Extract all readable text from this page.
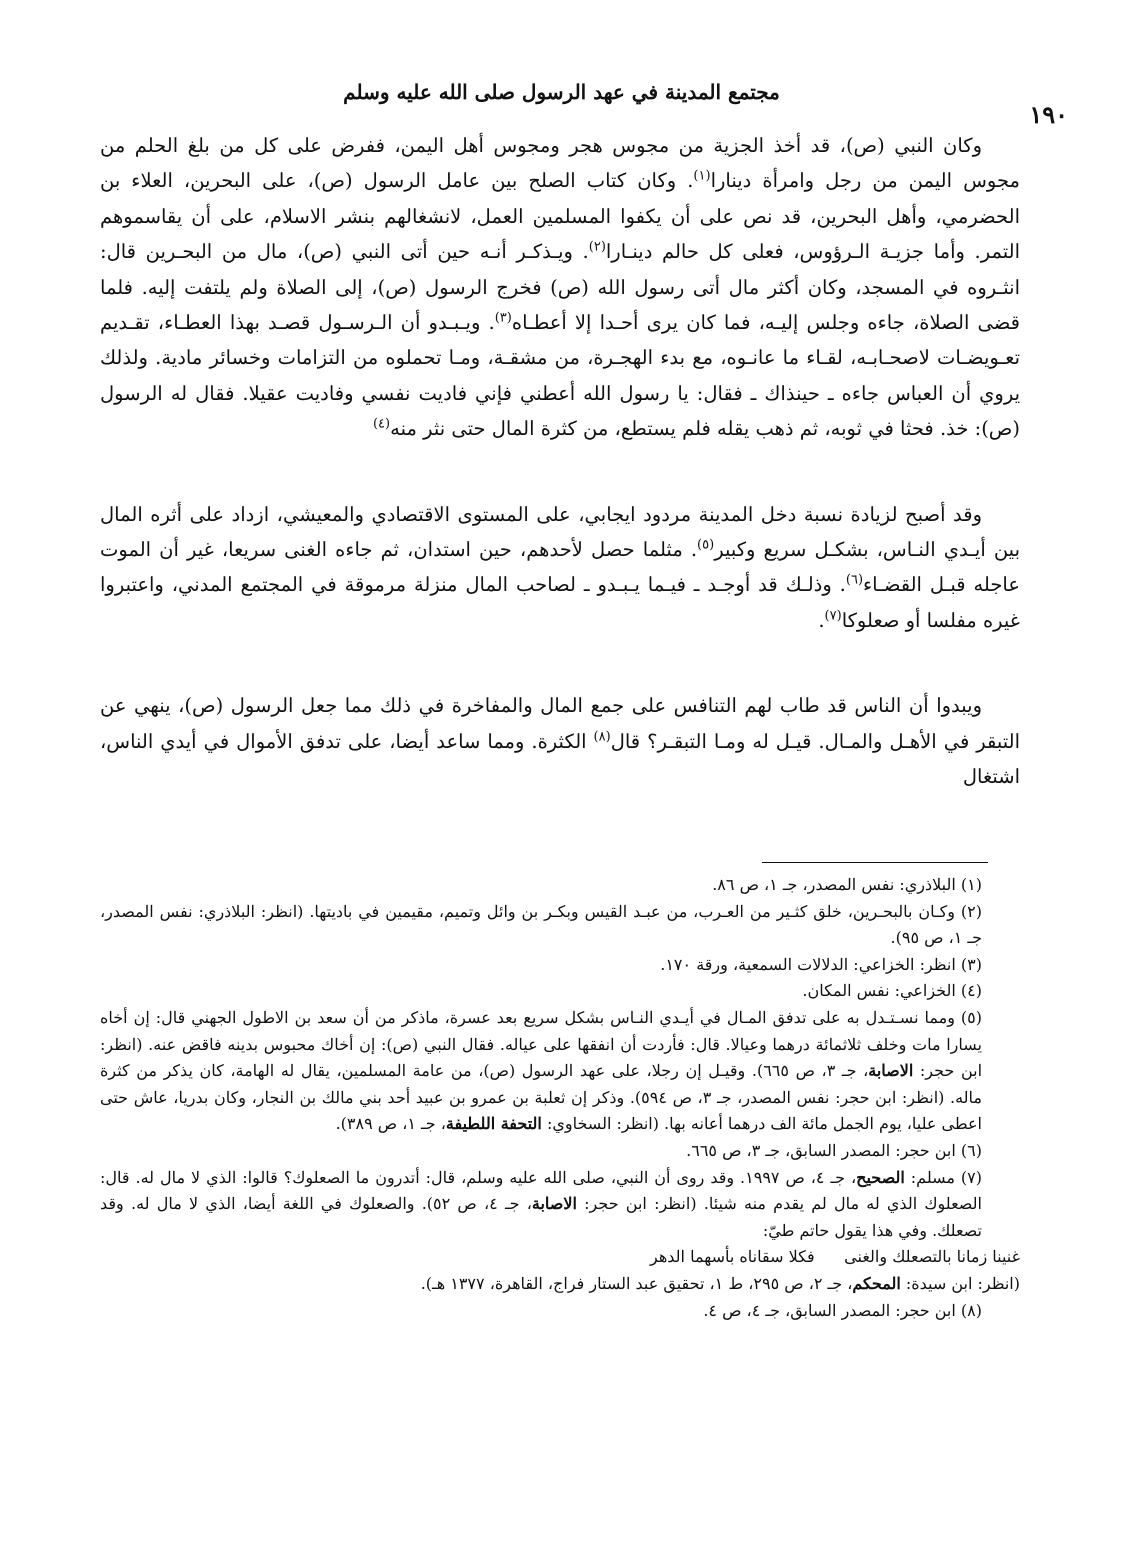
مجتمع المدينة في عهد الرسول صلى الله عليه وسلم
١٩٠

وكان النبي (ص)، قد أخذ الجزية من مجوس هجر ومجوس أهل اليمن، ففرض على كل من بلغ الحلم من مجوس اليمن من رجل وامرأة دينارا$^{(١)}$. وكان كتاب الصلح بين عامل الرسول (ص)، على البحرين، العلاء بن الحضرمي، وأهل البحرين، قد نص على أن يكفوا المسلمين العمل، لانشغالهم بنشر الاسلام، على أن يقاسموهم التمر. وأما جزيـة الـرؤوس، فعلى كل حالم دينـارا$^{(٢)}$. ويـذكـر أنـه حين أتى النبي (ص)، مال من البحـرين قال: انثـروه في المسجد، وكان أكثر مال أتى رسول الله (ص) فخرج الرسول (ص)، إلى الصلاة ولم يلتفت إليه. فلما قضى الصلاة، جاءه وجلس إليـه، فما كان يرى أحـدا إلا أعطـاه$^{(٣)}$. ويـبـدو أن الـرسـول قصـد بهذا العطـاء، تقـديم تعـويضـات لاصحـابـه، لقـاء ما عانـوه، مع بدء الهجـرة، من مشقـة، ومـا تحملوه من التزامات وخسائر مادية. ولذلك يروي أن العباس جاءه ـ حينذاك ـ فقال: يا رسول الله أعطني فإني فاديت نفسي وفاديت عقيلا. فقال له الرسول (ص): خذ. فحثا في ثوبه، ثم ذهب يقله فلم يستطع، من كثرة المال حتى نثر منه$^{(٤)}$

وقد أصبح لزيادة نسبة دخل المدينة مردود ايجابي، على المستوى الاقتصادي والمعيشي، ازداد على أثره المال بين أيـدي النـاس، بشكـل سريع وكبير$^{(٥)}$. مثلما حصل لأحدهم، حين استدان، ثم جاءه الغنى سريعا، غير أن الموت عاجله قبـل القضـاء$^{(٦)}$. وذلـك قد أوجـد ـ فيـما يـبـدو ـ لصاحب المال منزلة مرموقة في المجتمع المدني، واعتبروا غيره مفلسا أو صعلوكا$^{(٧)}$.

ويبدوا أن الناس قد طاب لهم التنافس على جمع المال والمفاخرة في ذلك مما جعل الرسول (ص)، ينهي عن التبقر في الأهـل والمـال. قيـل له ومـا التبقـر؟ قال$^{(٨)}$ الكثرة. ومما ساعد أيضا، على تدفق الأموال في أيدي الناس، اشتغال

(١) البلاذري: نفس المصدر، جـ ١، ص ٨٦.

(٢) وكـان بالبحـرين، خلق كثـير من العـرب، من عبـد القيس وبكـر بن وائل وتميم، مقيمين في باديتها. (انظر: البلاذري: نفس المصدر، جـ ١، ص ٩٥).

(٣) انظر: الخزاعي: الدلالات السمعية، ورقة ١٧٠.

(٤) الخزاعي: نفس المكان.

(٥) ومما نسـتـدل به على تدفق المـال في أيـدي النـاس بشكل سريع بعد عسرة، ماذكر من أن سعد بن الاطول الجهني قال: إن أخاه يسارا مات وخلف ثلاثمائة درهما وعيالا. قال: فأردت أن انفقها على عياله. فقال النبي (ص): إن أخاك محبوس بدينه فاقض عنه. (انظر: ابن حجر: الاصابة، جـ ٣، ص ٦٦٥). وقيـل إن رجلا، على عهد الرسول (ص)، من عامة المسلمين، يقال له الهامة، كان يذكر من كثرة ماله. (انظر: ابن حجر: نفس المصدر، جـ ٣، ص ٥٩٤). وذكر إن ثعلبة بن عمرو بن عبيد أحد بني مالك بن النجار، وكان بدريا، عاش حتى اعطى عليا، يوم الجمل مائة الف درهما أعانه بها. (انظر: السخاوي: التحفة اللطيفة، جـ ١، ص ٣٨٩).

(٦) ابن حجر: المصدر السابق، جـ ٣، ص ٦٦٥.

(٧) مسلم: الصحيح، جـ ٤، ص ١٩٩٧. وقد روى أن النبي، صلى الله عليه وسلم، قال: أتدرون ما الصعلوك؟ قالوا: الذي لا مال له. قال: الصعلوك الذي له مال لم يقدم منه شيئا. (انظر: ابن حجر: الاصابة، جـ ٤، ص ٥٢). والصعلوك في اللغة أيضا، الذي لا مال له. وقد تصعلك. وفي هذا يقول حاتم طيّ:

غنينا زمانا بالتصعلك والغنى
فكلا سقاناه بأسهما الدهر

(انظر: ابن سيدة: المحكم، جـ ٢، ص ٢٩٥، ط ١، تحقيق عبد الستار فراج، القاهرة، ١٣٧٧ هـ).

(٨) ابن حجر: المصدر السابق، جـ ٤، ص ٤.
